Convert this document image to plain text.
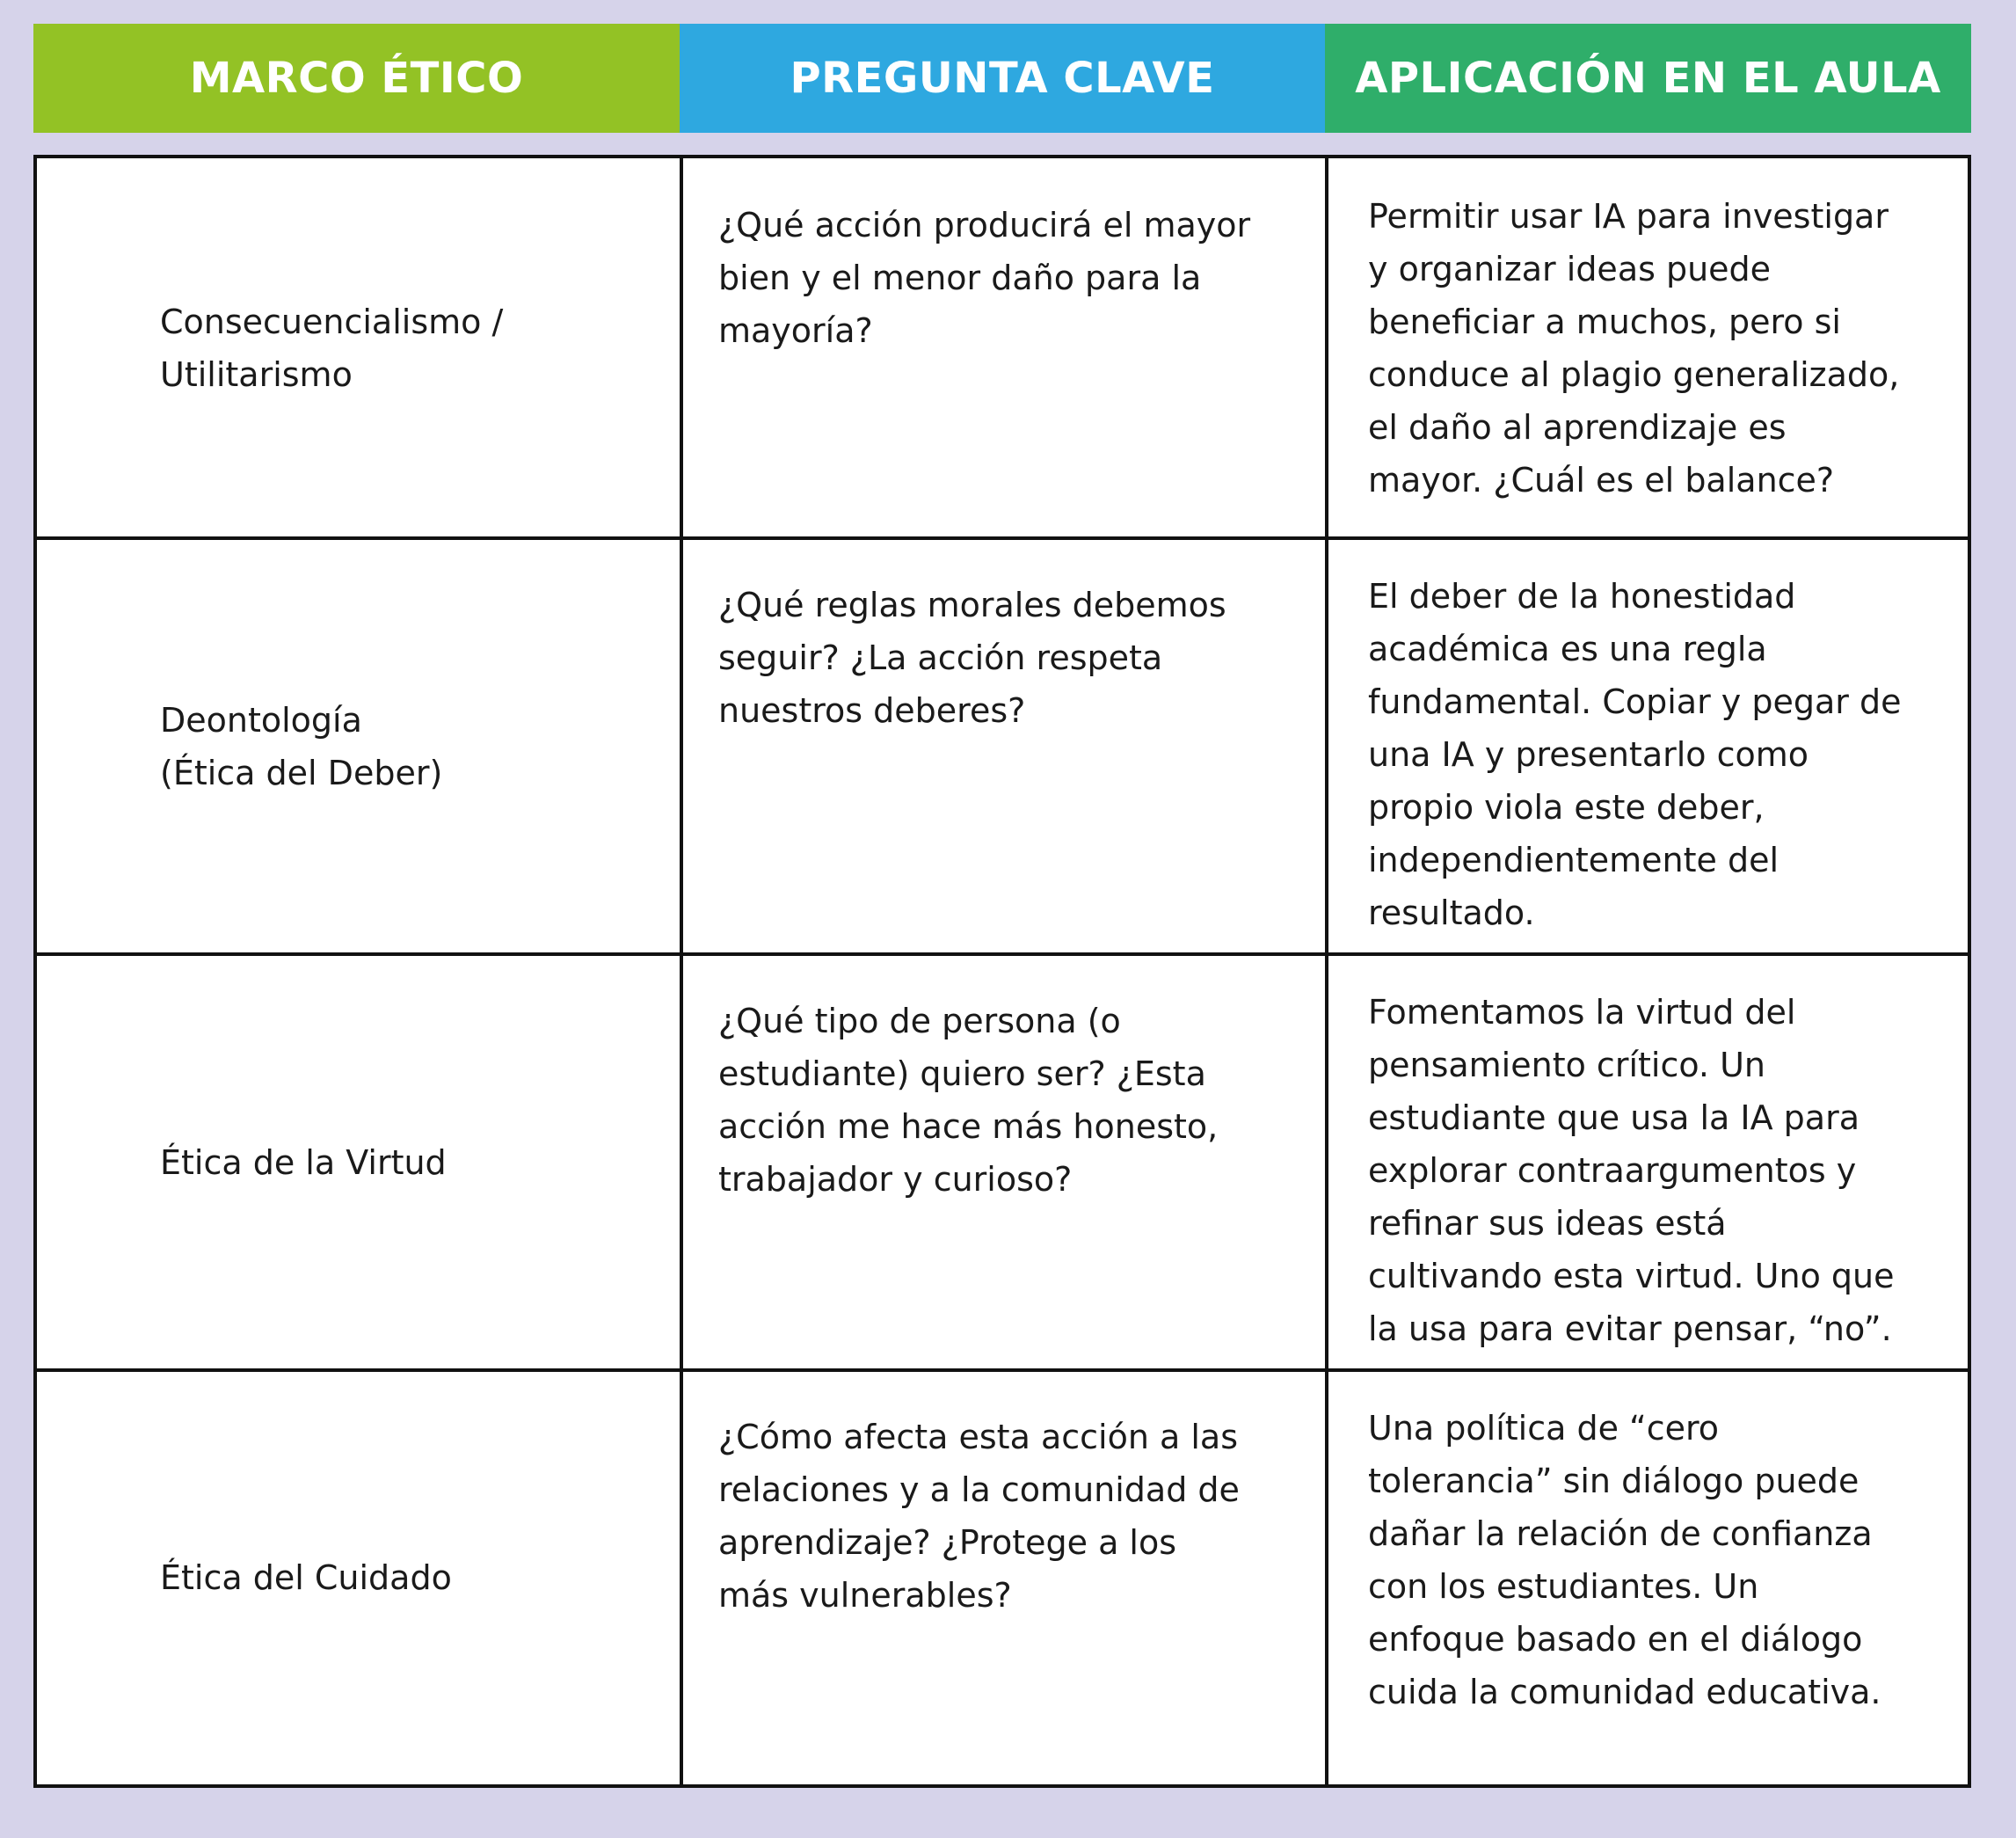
MARCO ÉTICO	PREGUNTA CLAVE	APLICACIÓN EN EL AULA
Consecuencialismo /
Utilitarismo
¿Qué acción producirá el mayor
bien y el menor daño para la
mayoría?
Permitir usar IA para investigar
y organizar ideas puede
beneficiar a muchos, pero si
conduce al plagio generalizado,
el daño al aprendizaje es
mayor. ¿Cuál es el balance?
Deontología
(Ética del Deber)
¿Qué reglas morales debemos
seguir? ¿La acción respeta
nuestros deberes?
El deber de la honestidad
académica es una regla
fundamental. Copiar y pegar de
una IA y presentarlo como
propio viola este deber,
independientemente del
resultado.
Ética de la Virtud
¿Qué tipo de persona (o
estudiante) quiero ser? ¿Esta
acción me hace más honesto,
trabajador y curioso?
Fomentamos la virtud del
pensamiento crítico. Un
estudiante que usa la IA para
explorar contraargumentos y
refinar sus ideas está
cultivando esta virtud. Uno que
la usa para evitar pensar, “no”.
Ética del Cuidado
¿Cómo afecta esta acción a las
relaciones y a la comunidad de
aprendizaje? ¿Protege a los
más vulnerables?
Una política de “cero
tolerancia” sin diálogo puede
dañar la relación de confianza
con los estudiantes. Un
enfoque basado en el diálogo
cuida la comunidad educativa.
